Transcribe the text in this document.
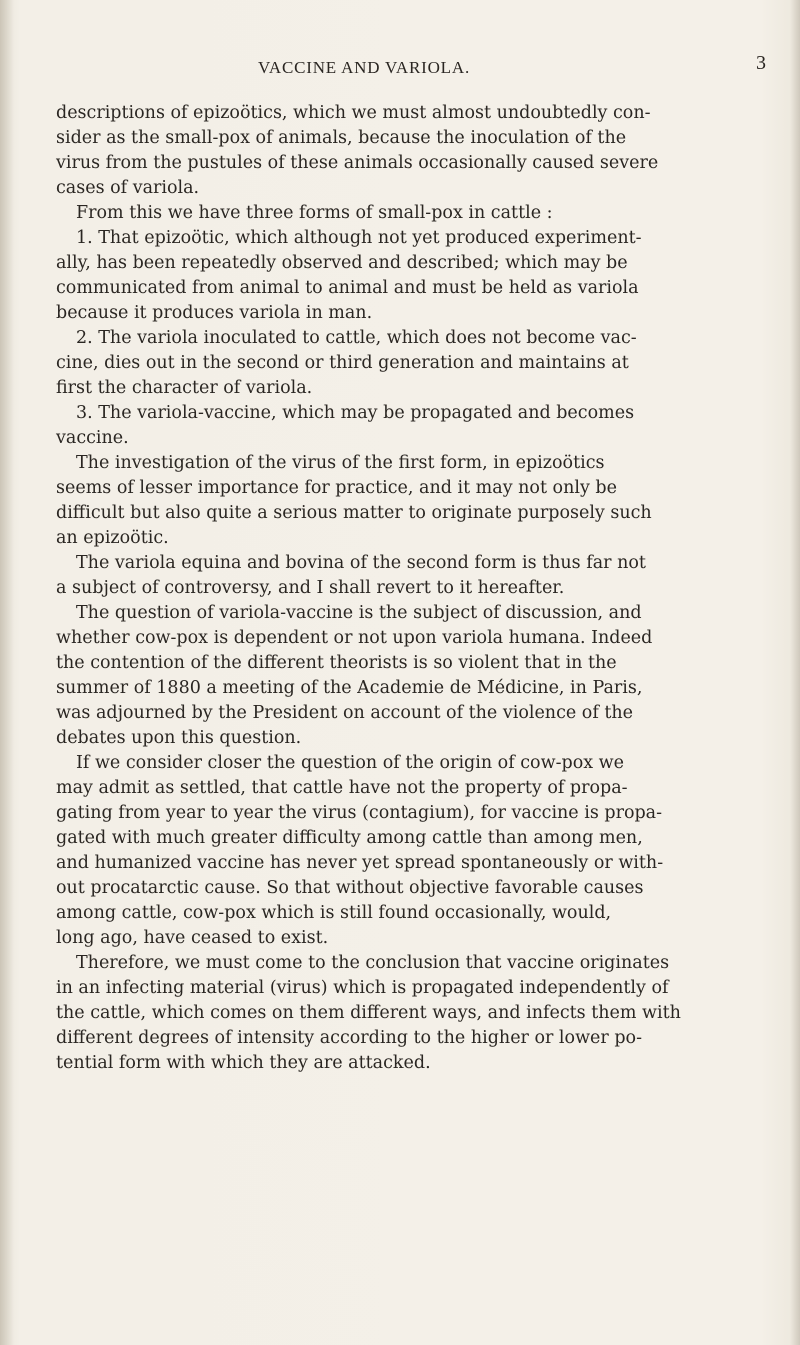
VACCINE AND VARIOLA.	3
descriptions of epizoötics, which we must almost undoubtedly con-
sider as the small-pox of animals, because the inoculation of the
virus from the pustules of these animals occasionally caused severe
cases of variola.
From this we have three forms of small-pox in cattle :
1. That epizoötic, which although not yet produced experiment-
ally, has been repeatedly observed and described; which may be
communicated from animal to animal and must be held as variola
because it produces variola in man.
2. The variola inoculated to cattle, which does not become vac-
cine, dies out in the second or third generation and maintains at
first the character of variola.
3. The variola-vaccine, which may be propagated and becomes
vaccine.
The investigation of the virus of the first form, in epizoötics
seems of lesser importance for practice, and it may not only be
difficult but also quite a serious matter to originate purposely such
an epizoötic.
The variola equina and bovina of the second form is thus far not
a subject of controversy, and I shall revert to it hereafter.
The question of variola-vaccine is the subject of discussion, and
whether cow-pox is dependent or not upon variola humana. Indeed
the contention of the different theorists is so violent that in the
summer of 1880 a meeting of the Academie de Médicine, in Paris,
was adjourned by the President on account of the violence of the
debates upon this question.
If we consider closer the question of the origin of cow-pox we
may admit as settled, that cattle have not the property of propa-
gating from year to year the virus (contagium), for vaccine is propa-
gated with much greater difficulty among cattle than among men,
and humanized vaccine has never yet spread spontaneously or with-
out procatarctic cause. So that without objective favorable causes
among cattle, cow-pox which is still found occasionally, would,
long ago, have ceased to exist.
Therefore, we must come to the conclusion that vaccine originates
in an infecting material (virus) which is propagated independently of
the cattle, which comes on them different ways, and infects them with
different degrees of intensity according to the higher or lower po-
tential form with which they are attacked.
